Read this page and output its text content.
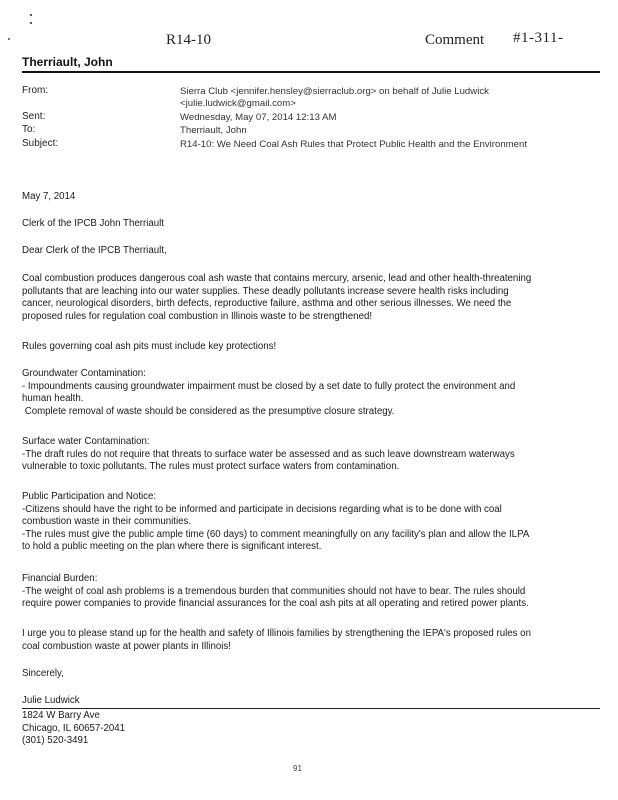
R14-10	Comment #1-311-
Therriault, John
From:	Sierra Club <jennifer.hensley@sierraclub.org> on behalf of Julie Ludwick
<julie.ludwick@gmail.com>
Sent:	Wednesday, May 07, 2014 12:13 AM
To:	Therriault, John
Subject:	R14-10: We Need Coal Ash Rules that Protect Public Health and the Environment
May 7, 2014
Clerk of the IPCB John Therriault
Dear Clerk of the IPCB Therriault,
Coal combustion produces dangerous coal ash waste that contains mercury, arsenic, lead and other health-threatening
pollutants that are leaching into our water supplies. These deadly pollutants increase severe health risks including
cancer, neurological disorders, birth defects, reproductive failure, asthma and other serious illnesses. We need the
proposed rules for regulation coal combustion in Illinois waste to be strengthened!
Rules governing coal ash pits must include key protections!
Groundwater Contamination:
- Impoundments causing groundwater impairment must be closed by a set date to fully protect the environment and
human health.
Complete removal of waste should be considered as the presumptive closure strategy.
Surface water Contamination:
-The draft rules do not require that threats to surface water be assessed and as such leave downstream waterways
vulnerable to toxic pollutants. The rules must protect surface waters from contamination.
Public Participation and Notice:
-Citizens should have the right to be informed and participate in decisions regarding what is to be done with coal
combustion waste in their communities.
-The rules must give the public ample time (60 days) to comment meaningfully on any facility's plan and allow the ILPA
to hold a public meeting on the plan where there is significant interest.
Financial Burden:
-The weight of coal ash problems is a tremendous burden that communities should not have to bear. The rules should
require power companies to provide financial assurances for the coal ash pits at all operating and retired power plants.
I urge you to please stand up for the health and safety of Illinois families by strengthening the IEPA's proposed rules on
coal combustion waste at power plants in Illinois!
Sincerely,
Julie Ludwick
1824 W Barry Ave
Chicago, IL 60657-2041
(301) 520-3491
91
